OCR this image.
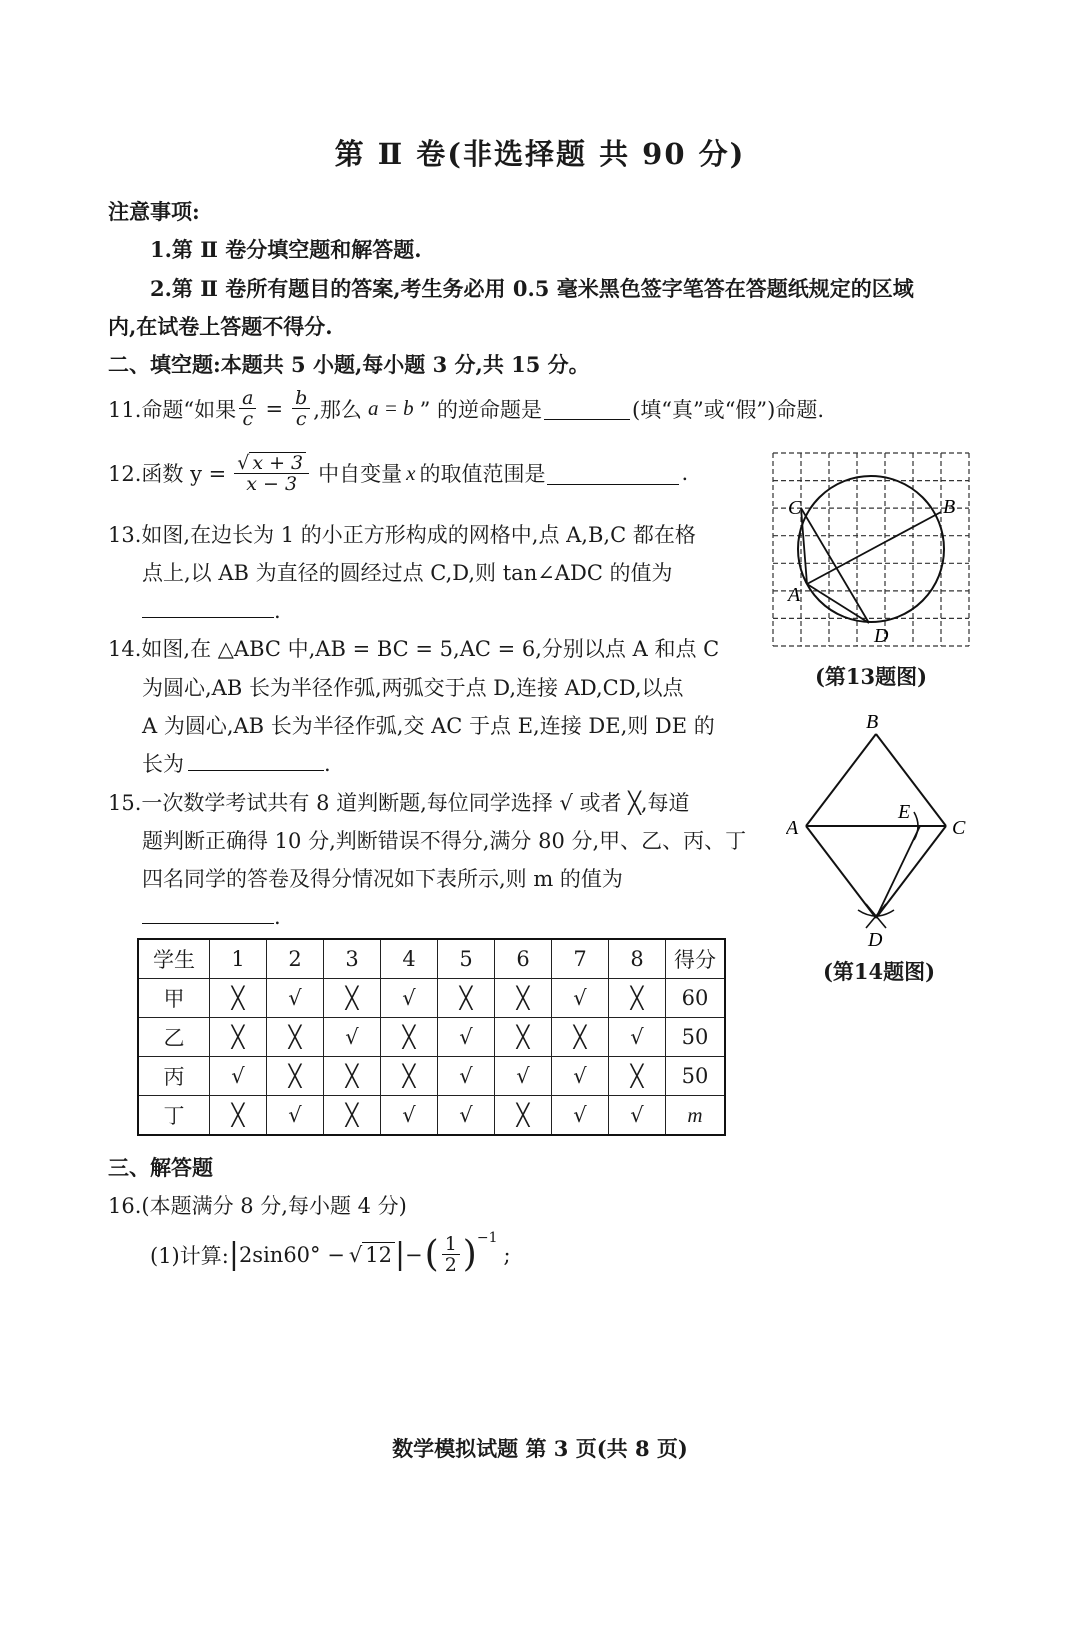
第 Ⅱ 卷(非选择题 共 90 分)
注意事项:
1.第 Ⅱ 卷分填空题和解答题.
2.第 Ⅱ 卷所有题目的答案,考生务必用 0.5 毫米黑色签字笔答在答题纸规定的区域
内,在试卷上答题不得分.
二、填空题:本题共 5 小题,每小题 3 分,共 15 分。
11.命题“如果 $\frac{a}{c} = \frac{b}{c}$ ,那么 a = b ” 的逆命题是	(填“真”或“假”)命题.
12.函数 $y = \frac{√ x + 3}{x - 3}$ 中自变量 x 的取值范围是	.
13.如图,在边长为 1 的小正方形构成的网格中,点 A,B,C 都在格
点上,以 AB 为直径的圆经过点 C,D,则 tan∠ADC 的值为
.
14.如图,在 △ABC 中,AB = BC = 5,AC = 6,分别以点 A 和点 C
为圆心,AB 长为半径作弧,两弧交于点 D,连接 AD,CD,以点
A 为圆心,AB 长为半径作弧,交 AC 于点 E,连接 DE,则 DE 的
长为	.
15.一次数学考试共有 8 道判断题,每位同学选择 √ 或者 ╳,每道
题判断正确得 10 分,判断错误不得分,满分 80 分,甲、乙、丙、丁
四名同学的答卷及得分情况如下表所示,则 m 的值为
.
学生	1	2	3	4	5	6	7	8	得分
甲	╳	√	╳	√	╳	╳	√	╳	60
乙	╳	╳	√	╳	√	╳	╳	√	50
丙	√	╳	╳	╳	√	√	√	╳	50
丁	╳	√	╳	√	√	╳	√	√	m
三、解答题
16.(本题满分 8 分,每小题 4 分)
(1)计算: | 2sin60° − √ 12 | − ( $\frac{1}{2}$ ) −1
;
C	B
A
D
(第13题图)
B
A	C
E
D
(第14题图)
数学模拟试题 第 3 页(共 8 页)
